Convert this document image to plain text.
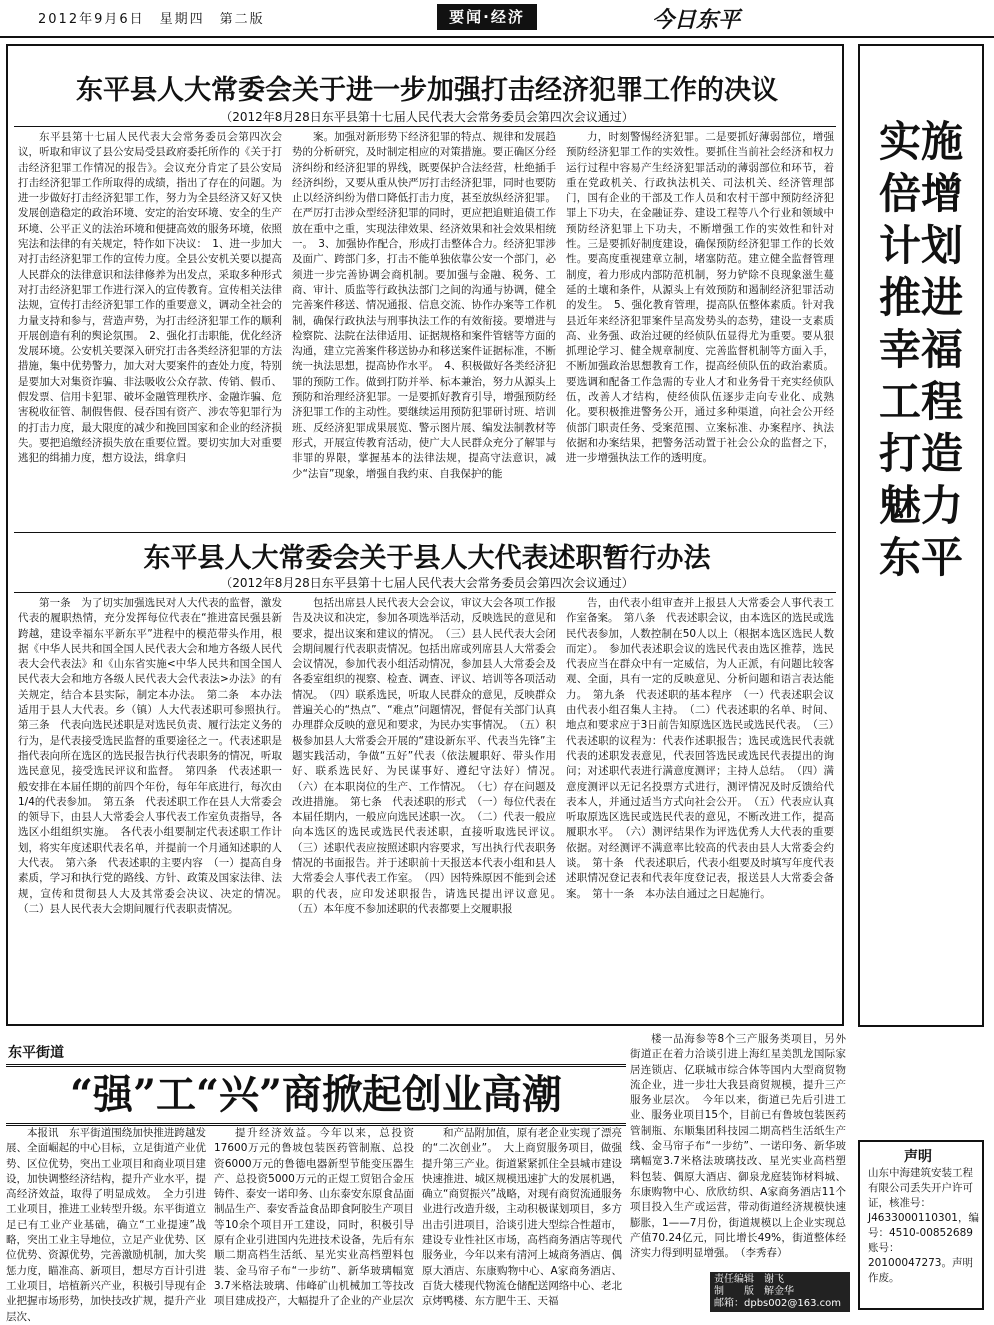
2012年9月6日　星期四　第二版	要闻·经济	今日东平
东平县人大常委会关于进一步加强打击经济犯罪工作的决议
（2012年8月28日东平县第十七届人民代表大会常务委员会第四次会议通过）

东平县第十七届人民代表大会常务委员会第四次会议，听取和审议了县公安局受县政府委托所作的《关于打击经济犯罪工作情况的报告》。会议充分肯定了县公安局打击经济犯罪工作所取得的成绩，指出了存在的问题。为进一步做好打击经济犯罪工作，努力为全县经济又好又快发展创造稳定的政治环境、安定的治安环境、安全的生产环境、公平正义的法治环境和便捷高效的服务环境，依照宪法和法律的有关规定，特作如下决议：　1、进一步加大对打击经济犯罪工作的宣传力度。全县公安机关要以提高人民群众的法律意识和法律修养为出发点，采取多种形式对打击经济犯罪工作进行深入的宣传教育。宣传相关法律法规，宣传打击经济犯罪工作的重要意义，调动全社会的力量支持和参与，营造声势，为打击经济犯罪工作的顺利开展创造有利的舆论氛围。　2、强化打击职能，优化经济发展环境。公安机关要深入研究打击各类经济犯罪的方法措施，集中优势警力，加大对大要案件的查处力度，特别是要加大对集资诈骗、非法吸收公众存款、传销、假币、假发票、信用卡犯罪、破坏金融管理秩序、金融诈骗、危害税收征管、制假售假、侵吞国有资产、涉农等犯罪行为的打击力度，最大限度的减少和挽回国家和企业的经济损失。要把追缴经济损失放在重要位置。要切实加大对重要逃犯的缉捕力度，想方设法，缉拿归

案。加强对新形势下经济犯罪的特点、规律和发展趋势的分析研究，及时制定相应的对策措施。要正确区分经济纠纷和经济犯罪的界线，既要保护合法经营，杜绝插手经济纠纷，又要从重从快严厉打击经济犯罪，同时也要防止以经济纠纷为借口降低打击力度，甚至放纵经济犯罪。在严厉打击涉众型经济犯罪的同时，更应把追赃追债工作放在重中之重，实现法律效果、经济效果和社会效果相统一。　3、加强协作配合，形成打击整体合力。经济犯罪涉及面广、跨部门多，打击不能单独依靠公安一个部门，必须进一步完善协调会商机制。要加强与金融、税务、工商、审计、质监等行政执法部门之间的沟通与协调，健全完善案件移送、情况通报、信息交流、协作办案等工作机制，确保行政执法与刑事执法工作的有效衔接。要增进与检察院、法院在法律适用、证据规格和案件管辖等方面的沟通，建立完善案件移送协办和移送案件证据标准，不断统一执法思想，提高协作水平。　4、积极做好各类经济犯罪的预防工作。做到打防并举、标本兼治，努力从源头上预防和治理经济犯罪。一是要抓好教育引导，增强预防经济犯罪工作的主动性。要继续运用预防犯罪研讨班、培训班、反经济犯罪成果展览、警示图片展、编发法制教材等形式，开展宣传教育活动，使广大人民群众充分了解罪与非罪的界限，掌握基本的法律法规，提高守法意识，减少“法盲”现象，增强自我约束、自我保护的能

力，时刻警惕经济犯罪。二是要抓好薄弱部位，增强预防经济犯罪工作的实效性。要抓住当前社会经济和权力运行过程中容易产生经济犯罪活动的薄弱部位和环节，着重在党政机关、行政执法机关、司法机关、经济管理部门，国有企业的干部及工作人员和农村干部中预防经济犯罪上下功夫，在金融证券、建设工程等八个行业和领域中预防经济犯罪上下功夫，不断增强工作的实效性和针对性。三是要抓好制度建设，确保预防经济犯罪工作的长效性。要高度重视建章立制，堵塞防范。建立健全监督管理制度，着力形成内部防范机制，努力铲除不良现象滋生蔓延的土壤和条件，从源头上有效预防和遏制经济犯罪活动的发生。　5、强化教育管理，提高队伍整体素质。针对我县近年来经济犯罪案件呈高发势头的态势，建设一支素质高、业务强、政治过硬的经侦队伍显得尤为重要。要从狠抓理论学习、健全规章制度、完善监督机制等方面入手，不断加强政治思想教育工作，提高经侦队伍的政治素质。要选调和配备工作急需的专业人才和业务骨干充实经侦队伍，改善人才结构，使经侦队伍逐步走向专业化、成熟化。要积极推进警务公开，通过多种渠道，向社会公开经侦部门职责任务、受案范围、立案标准、办案程序、执法依据和办案结果，把警务活动置于社会公众的监督之下，进一步增强执法工作的透明度。

东平县人大常委会关于县人大代表述职暂行办法
（2012年8月28日东平县第十七届人民代表大会常务委员会第四次会议通过）

第一条　为了切实加强选民对人大代表的监督，激发代表的履职热情，充分发挥每位代表在“推进富民强县新跨越，建设幸福东平新东平”进程中的模范带头作用，根据《中华人民共和国全国人民代表大会和地方各级人民代表大会代表法》和《山东省实施<中华人民共和国全国人民代表大会和地方各级人民代表大会代表法>办法》的有关规定，结合本县实际，制定本办法。　第二条　本办法适用于县人大代表。乡（镇）人大代表述职可参照执行。　第三条　代表向选民述职是对选民负责、履行法定义务的行为，是代表接受选民监督的重要途径之一。代表述职是指代表向所在选区的选民报告执行代表职务的情况，听取选民意见，接受选民评议和监督。　第四条　代表述职一般安排在本届任期的前四个年份，每年年底进行，每次由1/4的代表参加。　第五条　代表述职工作在县人大常委会的领导下，由县人大常委会人事代表工作室负责指导，各选区小组组织实施。　各代表小组要制定代表述职工作计划，将实年度述职代表名单，并提前一个月通知述职的人大代表。　第六条　代表述职的主要内容　（一）提高自身素质，学习和执行党的路线、方针、政策及国家法律、法规，宣传和贯彻县人大及其常委会决议、决定的情况。　（二）县人民代表大会期间履行代表职责情况。

包括出席县人民代表大会会议，审议大会各项工作报告及决议和决定，参加各项选举活动，反映选民的意见和要求，提出议案和建议的情况。　（三）县人民代表大会闭会期间履行代表职责情况。包括出席或列席县人大常委会会议情况，参加代表小组活动情况，参加县人大常委会及各委室组织的视察、检查、调查、评议、培训等各项活动情况。　（四）联系选民，听取人民群众的意见，反映群众普遍关心的“热点”、“难点”问题情况，督促有关部门认真办理群众反映的意见和要求，为民办实事情况。　（五）积极参加县人大常委会开展的“建设新东平、代表当先锋”主题实践活动，争做“五好”代表（依法履职好、带头作用好、联系选民好、为民谋事好、遵纪守法好）情况。　（六）在本职岗位的生产、工作情况。　（七）存在问题及改进措施。　第七条　代表述职的形式　（一）每位代表在本届任期内，一般应向选民述职一次。　（二）代表一般应向本选区的选民或选民代表述职，直接听取选民评议。　（三）述职代表应按照述职内容要求，写出执行代表职务情况的书面报告。并于述职前十天报送本代表小组和县人大常委会人事代表工作室。　（四）因特殊原因不能到会述职的代表，应印发述职报告，请选民提出评议意见。　（五）本年度不参加述职的代表都要上交履职报

告，由代表小组审查并上报县人大常委会人事代表工作室备案。　第八条　代表述职会议，由本选区的选民或选民代表参加，人数控制在50人以上（根据本选区选民人数而定）。　参加代表述职会议的选民代表由选区推荐，选民代表应当在群众中有一定威信，为人正派，有问题比较客观、全面，具有一定的反映意见、分析问题和语言表达能力。　第九条　代表述职的基本程序　（一）代表述职会议由代表小组召集人主持。　（二）代表述职的名单、时间、地点和要求应于3日前告知原选区选民或选民代表。　（三）代表述职的议程为：代表作述职报告；选民或选民代表就代表的述职发表意见，代表回答选民或选民代表提出的询问；对述职代表进行满意度测评；主持人总结。　（四）满意度测评以无记名投票方式进行，测评情况及时反馈给代表本人，并通过适当方式向社会公开。　（五）代表应认真听取原选区选民或选民代表的意见，不断改进工作，提高履职水平。　（六）测评结果作为评选优秀人大代表的重要依据。对经测评不满意率比较高的代表由县人大常委会约谈。　第十条　代表述职后，代表小组要及时填写年度代表述职情况登记表和代表年度登记表，报送县人大常委会备案。　第十一条　本办法自通过之日起施行。

实施倍增计划 推进幸福工程 打造魅力东平
声明
山东中海建筑安装工程有限公司丢失开户许可证，核准号：J4633000110301，编号：4510-00852689账号：20100047273。声明作废。
东平街道
“强”工“兴”商掀起创业高潮

本报讯　东平街道围绕加快推进跨越发展、全面崛起的中心目标，立足街道产业优势、区位优势，突出工业项目和商业项目建设，加快调整经济结构，提升产业水平，提高经济效益，取得了明显成效。　全力引进工业项目，推进工业转型升级。东平街道立足已有工业产业基础，确立“工业提速”战略，突出工业主导地位，立足产业优势、区位优势、资源优势，完善激励机制，加大奖惩力度，瞄准高、新项目，想尽方百计引进工业项目，培植新兴产业，积极引导现有企业把握市场形势，加快技改扩规，提升产业层次、

提升经济效益。今年以来，总投资17600万元的鲁坡包装医药管制瓶、总投资6000万元的鲁德电器新型节能变压器生产、总投资5000万元的正煜工贸铝合金压铸件、泰安一诺印务、山东泰安东原食品面制品生产、泰安香益食品即食阿胶生产项目等10余个项目开工建设，同时，积极引导原有企业引进国内先进技术设备，先后有东顺二期高档生活纸、星光实业高档塑料包装、金马帘子布“一步纺”、新华玻璃幅宽3.7米格法玻璃、伟峰矿山机械加工等技改项目建成投产，大幅提升了企业的产业层次

和产品附加值，原有老企业实现了漂亮的“二次创业”。　大上商贸服务项目，做强提升第三产业。街道紧紧抓住全县城市建设快速推进、城区规模迅速扩大的发展机遇，确立“商贸振兴”战略，对现有商贸流通服务业进行改造升级，主动积极谋划项目，多方出击引进项目，洽谈引进大型综合性超市，建设专业性社区市场，高档商务酒店等现代服务业，今年以来有清河上城商务酒店、偶原大酒店、东康购物中心、A家商务酒店、百货大楼现代物流仓储配送网络中心、老北京烤鸭楼、东方肥牛王、天福

楼一品海参等8个三产服务类项目，另外街道正在着力洽谈引进上海红星美凯龙国际家居连锁店、亿联城市综合体等国内大型商贸物流企业，进一步壮大我县商贸规模，提升三产服务业层次。　今年以来，街道已先后引进工业、服务业项目15个，目前已有鲁坡包装医药管制瓶、东顺集团科技园二期高档生活纸生产线、金马帘子布“一步纺”、一诺印务、新华玻璃幅宽3.7米格法玻璃技改、星光实业高档塑料包装、偶原大酒店、御泉龙庭装饰材料城、东康购物中心、欣欣纺织、A家商务酒店11个项目投入生产或运营，带动街道经济规模快速膨胀，1——7月份，街道规模以上企业实现总产值70.24亿元，同比增长49%，街道整体经济实力得到明显增强。　（李秀春）

责任编辑　谢飞
制　　版　解金华
邮箱：dpbs002@163.com
